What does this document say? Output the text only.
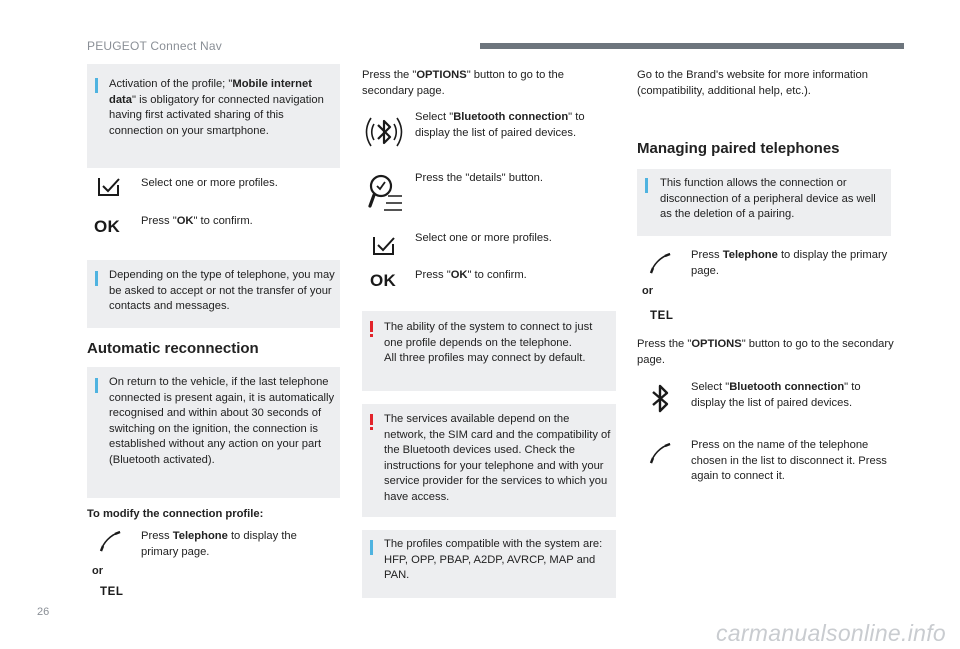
PEUGEOT Connect Nav

Activation of the profile; "Mobile internet data" is obligatory for connected navigation having first activated sharing of this connection on your smartphone.

Select one or more profiles.

OK Press "OK" to confirm.

Depending on the type of telephone, you may be asked to accept or not the transfer of your contacts and messages.

Automatic reconnection

On return to the vehicle, if the last telephone connected is present again, it is automatically recognised and within about 30 seconds of switching on the ignition, the connection is established without any action on your part (Bluetooth activated).

To modify the connection profile:

Press Telephone to display the primary page.

or
TEL

Press the "OPTIONS" button to go to the secondary page.

Select "Bluetooth connection" to display the list of paired devices.

Press the "details" button.

Select one or more profiles.

OK Press "OK" to confirm.

The ability of the system to connect to just one profile depends on the telephone.
All three profiles may connect by default.

The services available depend on the network, the SIM card and the compatibility of the Bluetooth devices used. Check the instructions for your telephone and with your service provider for the services to which you have access.

The profiles compatible with the system are: HFP, OPP, PBAP, A2DP, AVRCP, MAP and PAN.

Go to the Brand's website for more information (compatibility, additional help, etc.).

Managing paired telephones

This function allows the connection or disconnection of a peripheral device as well as the deletion of a pairing.

Press Telephone to display the primary page.

or
TEL

Press the "OPTIONS" button to go to the secondary page.

Select "Bluetooth connection" to display the list of paired devices.

Press on the name of the telephone chosen in the list to disconnect it. Press again to connect it.

26
carmanualsonline.info
